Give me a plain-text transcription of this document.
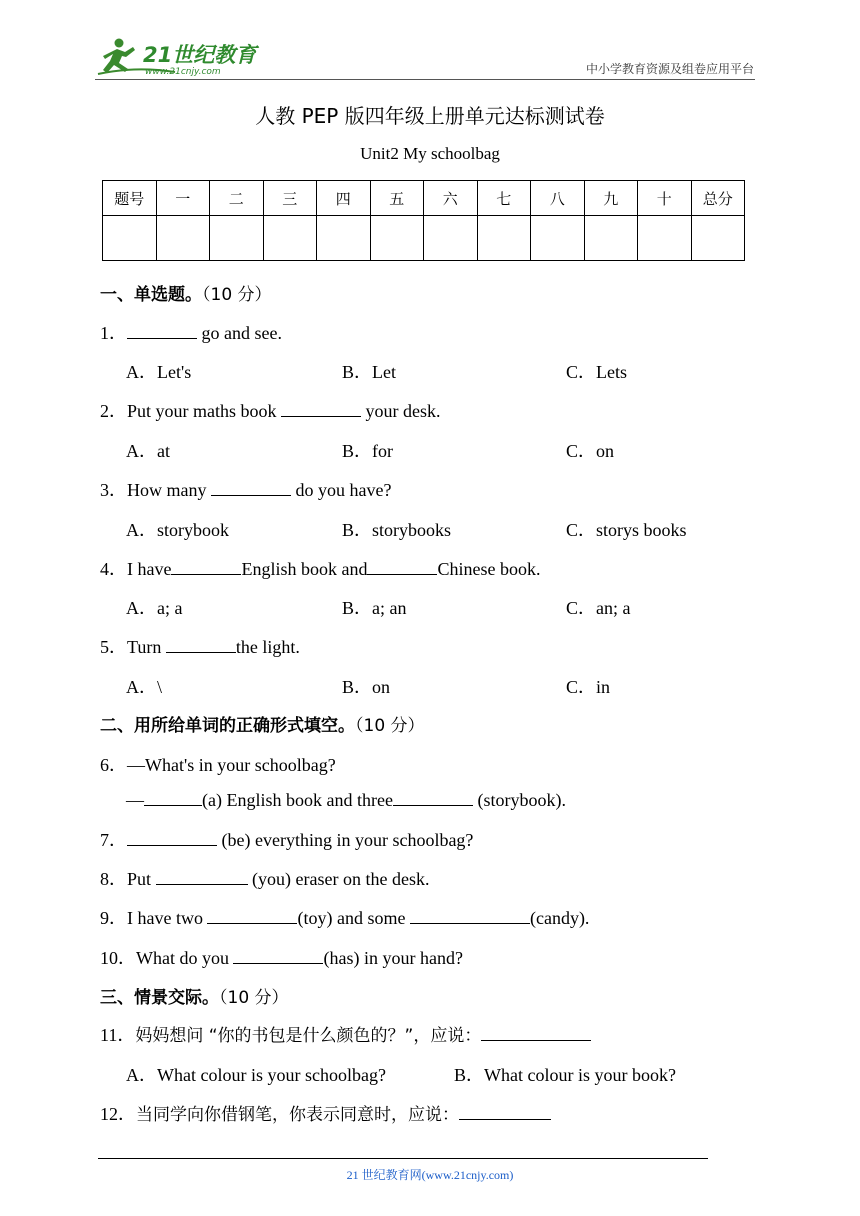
21世纪教育
www.21cnjy.com	中小学教育资源及组卷应用平台
人教 PEP 版四年级上册单元达标测试卷
Unit2 My schoolbag
题号	一	二	三	四	五	六	七	八	九	十	总分

一、单选题。（10 分）
1．	go and see.
A．Let's	B．Let	C．Lets
2．Put your maths book	your desk.
A．at	B．for	C．on
3．How many	do you have?
A．storybook	B．storybooks	C．storys books
4．I have	English book and	Chinese book.
A．a; a	B．a; an	C．an; a
5．Turn	the light.
A．\	B．on	C．in
二、用所给单词的正确形式填空。（10 分）
6．—What's in your schoolbag?
—	(a) English book and three	(storybook).
7．	(be) everything in your schoolbag?
8．Put	(you) eraser on the desk.
9．I have two	(toy) and some	(candy).
10．What do you	(has) in your hand?
三、情景交际。（10 分）
11．妈妈想问 “你的书包是什么颜色的？”，应说：
A．What colour is your schoolbag?	B．What colour is your book?
12．当同学向你借钢笔，你表示同意时，应说：
21 世纪教育网(www.21cnjy.com)
